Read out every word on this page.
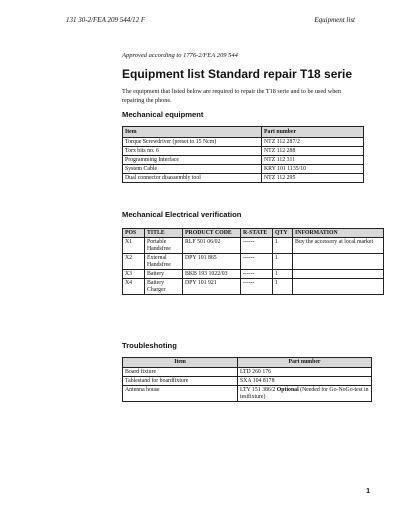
131 30-2/FEA 209 544/12 F	Equipment list
Approved according to 1776-2/FEA 209 544
Equipment list Standard repair T18 serie
The equipment that listed below are required to repair the T18 serie and to be used when repairing the phone.
Mechanical equipment
Item	Part number
Torque Screwdriver (preset to 15 Ncm)	NTZ 112 287/2
Torx bits no. 6	NTZ 112 288
Programming Interface	NTZ 112 311
System Cable	KRY 101 1135/10
Dual connector disassembly tool	NTZ 112 295
Mechanical Electrical verification
POS	TITLE	PRODUCT CODE	R-STATE	QTY	INFORMATION
X1	Portable Handsfree	RLF 501 06/02	------	1	Buy the accessory at local market
X2	External Handsfree	DPY 101 865	------	1	
X3	Battery	BKB 193 1022/03	------	1	
X4	Battery Charger	DPY 101 921	------	1	
Troubleshoting
Item	Part number
Board fixture	LTD 260 176
Tablestand for boardfixture	SXA 104 8178
Antenna house	LTY 151 386/2 Optional (Needed for Go-NoGo-test in testfixture)
1
